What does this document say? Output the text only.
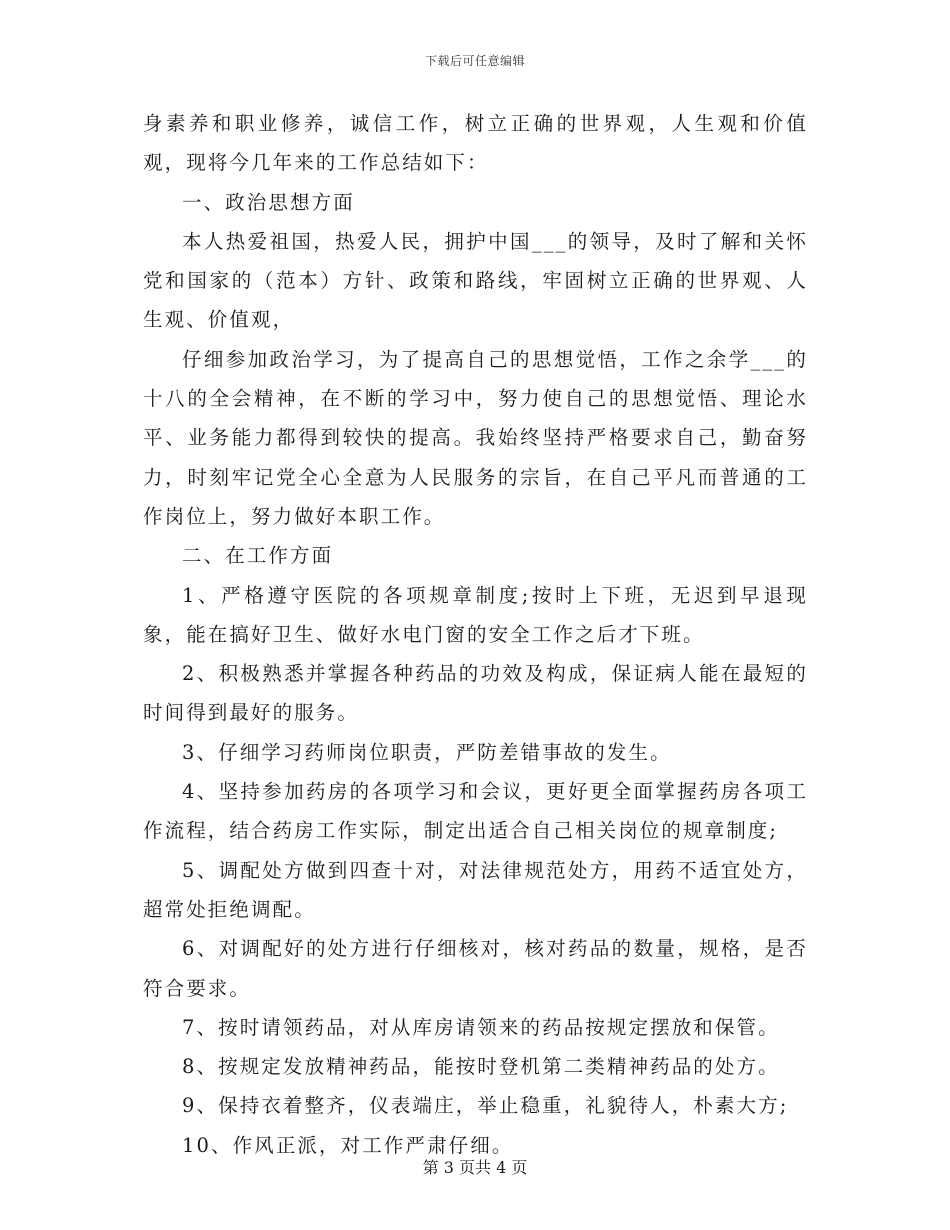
下载后可任意编辑

身素养和职业修养，诚信工作，树立正确的世界观，人生观和价值观，现将今几年来的工作总结如下：

一、政治思想方面

本人热爱祖国，热爱人民，拥护中国___的领导，及时了解和关怀党和国家的（范本）方针、政策和路线，牢固树立正确的世界观、人生观、价值观，

仔细参加政治学习，为了提高自己的思想觉悟，工作之余学___的十八的全会精神，在不断的学习中，努力使自己的思想觉悟、理论水平、业务能力都得到较快的提高。我始终坚持严格要求自己，勤奋努力，时刻牢记党全心全意为人民服务的宗旨，在自己平凡而普通的工作岗位上，努力做好本职工作。

二、在工作方面

1、严格遵守医院的各项规章制度;按时上下班，无迟到早退现象，能在搞好卫生、做好水电门窗的安全工作之后才下班。

2、积极熟悉并掌握各种药品的功效及构成，保证病人能在最短的时间得到最好的服务。

3、仔细学习药师岗位职责，严防差错事故的发生。

4、坚持参加药房的各项学习和会议，更好更全面掌握药房各项工作流程，结合药房工作实际，制定出适合自己相关岗位的规章制度;

5、调配处方做到四查十对，对法律规范处方，用药不适宜处方，超常处拒绝调配。

6、对调配好的处方进行仔细核对，核对药品的数量，规格，是否符合要求。

7、按时请领药品，对从库房请领来的药品按规定摆放和保管。

8、按规定发放精神药品，能按时登机第二类精神药品的处方。

9、保持衣着整齐，仪表端庄，举止稳重，礼貌待人，朴素大方;

10、作风正派，对工作严肃仔细。

第 3 页共 4 页
